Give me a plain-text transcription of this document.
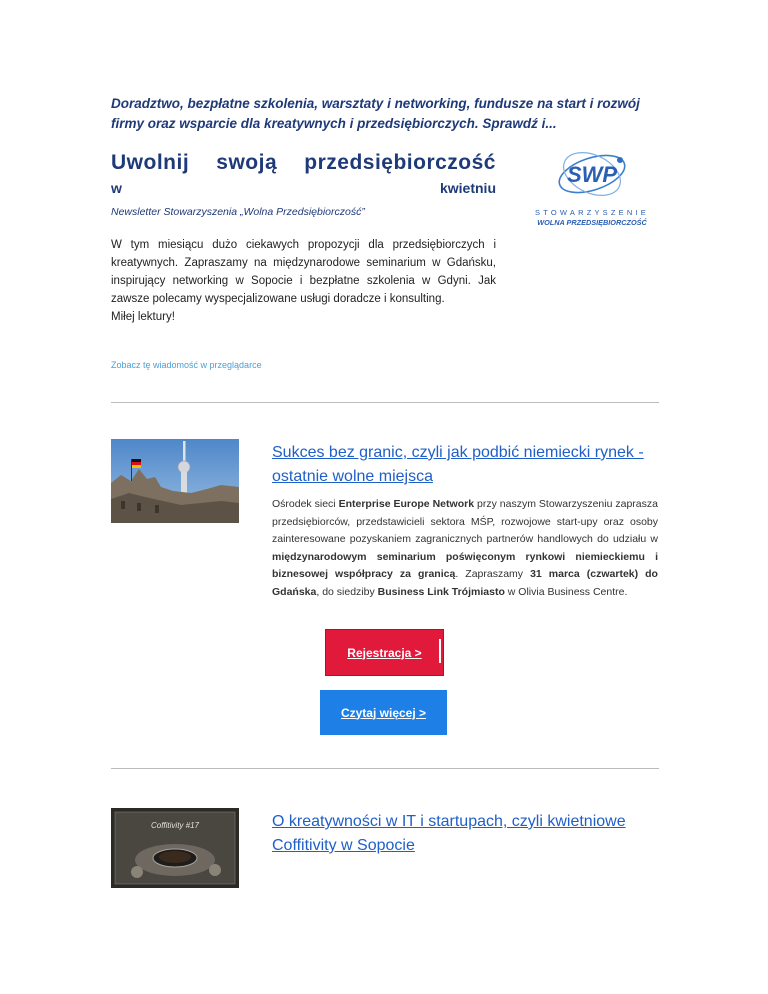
Doradztwo, bezpłatne szkolenia, warsztaty i networking, fundusze na start i rozwój firmy oraz wsparcie dla kreatywnych i przedsiębiorczych. Sprawdź i...
Uwolnij swoją przedsiębiorczość
w	kwietniu
Newsletter Stowarzyszenia „Wolna Przedsiębiorczość”
W tym miesiącu dużo ciekawych propozycji dla przedsiębiorczych i kreatywnych. Zapraszamy na międzynarodowe seminarium w Gdańsku, inspirujący networking w Sopocie i bezpłatne szkolenia w Gdyni. Jak zawsze polecamy wyspecjalizowane usługi doradcze i konsulting.
Miłej lektury!
Zobacz tę wiadomość w przeglądarce
SWP
STOWARZYSZENIE
WOLNA PRZEDSIĘBIORCZOŚĆ
Sukces bez granic, czyli jak podbić niemiecki rynek - ostatnie wolne miejsca
Ośrodek sieci Enterprise Europe Network przy naszym Stowarzyszeniu zaprasza przedsiębiorców, przedstawicieli sektora MŚP, rozwojowe start-upy oraz osoby zainteresowane pozyskaniem zagranicznych partnerów handlowych do udziału w międzynarodowym seminarium poświęconym rynkowi niemieckiemu i biznesowej współpracy za granicą. Zapraszamy 31 marca (czwartek) do Gdańska, do siedziby Business Link Trójmiasto w Olivia Business Centre.
Rejestracja >
Czytaj więcej >
Coffitivity #17	O kreatywności w IT i startupach, czyli kwietniowe Coffitivity w Sopocie
